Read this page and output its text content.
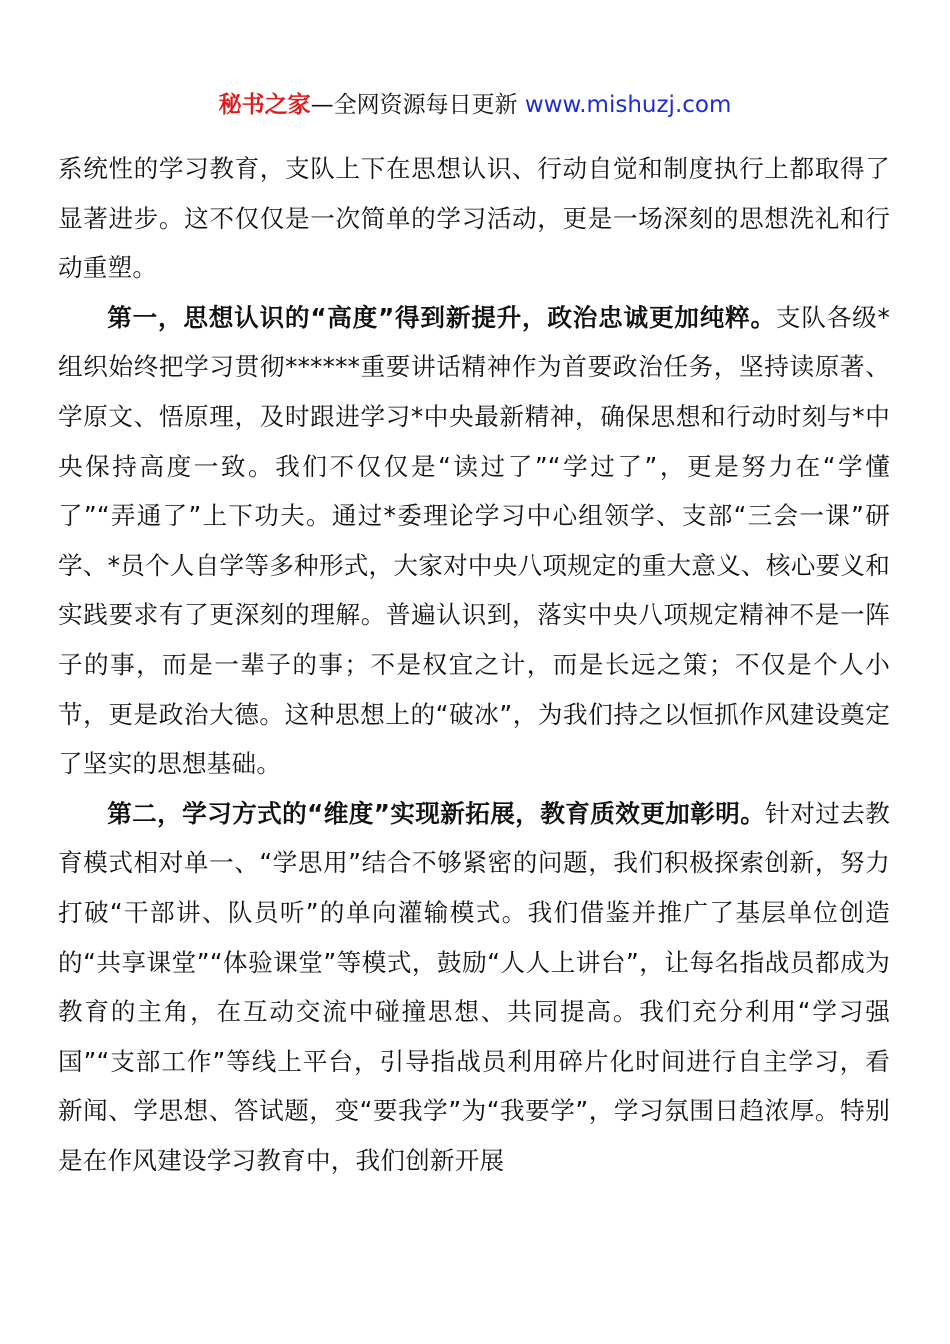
秘书之家—全网资源每日更新 www.mishuzj.com

系统性的学习教育，支队上下在思想认识、行动自觉和制度执行上都取得了显著进步。这不仅仅是一次简单的学习活动，更是一场深刻的思想洗礼和行动重塑。

第一，思想认识的“高度”得到新提升，政治忠诚更加纯粹。支队各级*组织始终把学习贯彻******重要讲话精神作为首要政治任务，坚持读原著、学原文、悟原理，及时跟进学习*中央最新精神，确保思想和行动时刻与*中央保持高度一致。我们不仅仅是“读过了”“学过了”，更是努力在“学懂了”“弄通了”上下功夫。通过*委理论学习中心组领学、支部“三会一课”研学、*员个人自学等多种形式，大家对中央八项规定的重大意义、核心要义和实践要求有了更深刻的理解。普遍认识到，落实中央八项规定精神不是一阵子的事，而是一辈子的事；不是权宜之计，而是长远之策；不仅是个人小节，更是政治大德。这种思想上的“破冰”，为我们持之以恒抓作风建设奠定了坚实的思想基础。

第二，学习方式的“维度”实现新拓展，教育质效更加彰明。针对过去教育模式相对单一、“学思用”结合不够紧密的问题，我们积极探索创新，努力打破“干部讲、队员听”的单向灌输模式。我们借鉴并推广了基层单位创造的“共享课堂”“体验课堂”等模式，鼓励“人人上讲台”，让每名指战员都成为教育的主角，在互动交流中碰撞思想、共同提高。我们充分利用“学习强国”“支部工作”等线上平台，引导指战员利用碎片化时间进行自主学习，看新闻、学思想、答试题，变“要我学”为“我要学”，学习氛围日趋浓厚。特别是在作风建设学习教育中，我们创新开展
